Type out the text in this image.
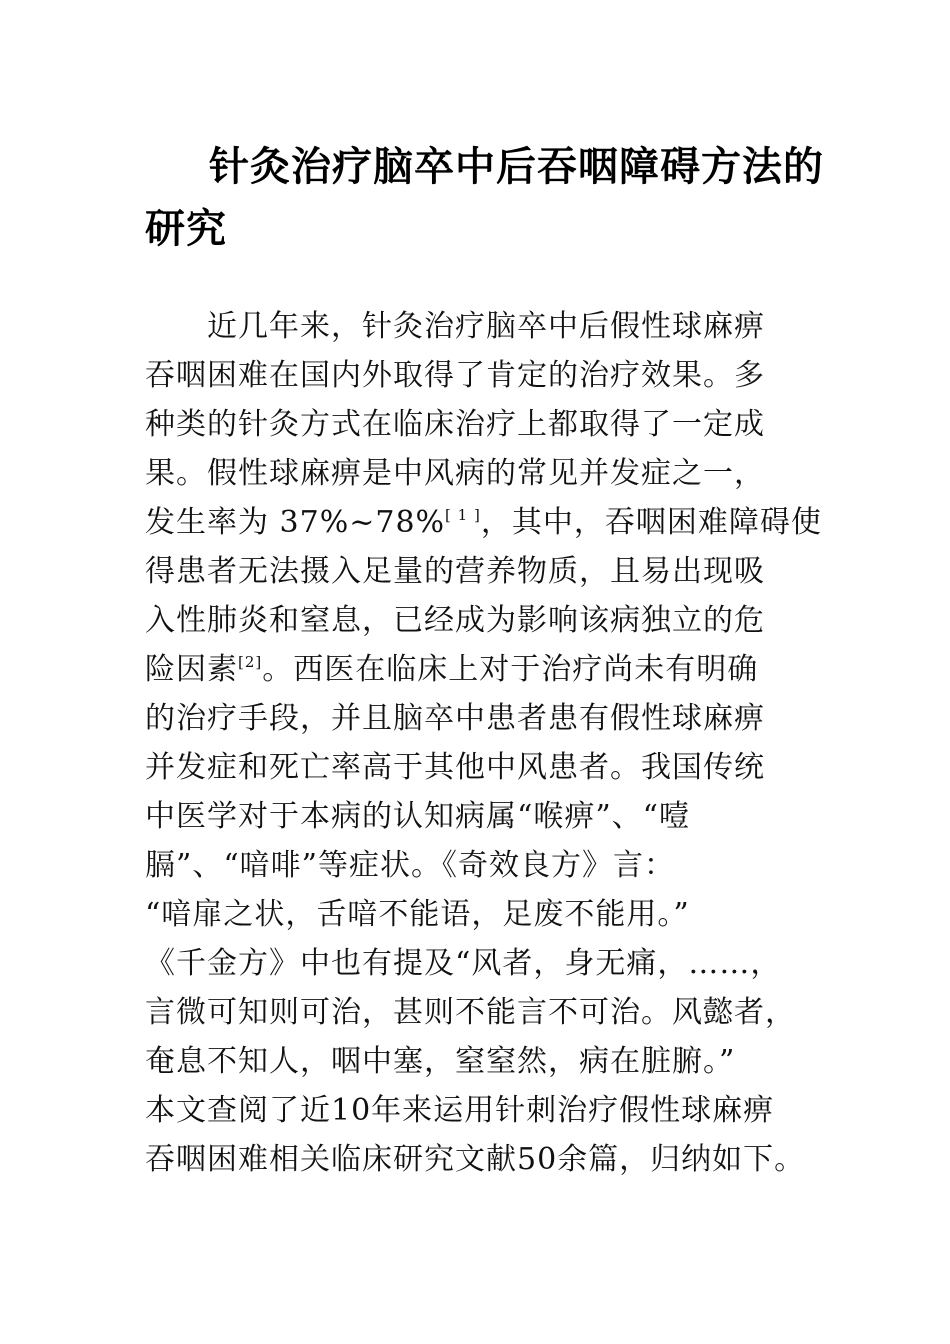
针灸治疗脑卒中后吞咽障碍方法的研究
近几年来，针灸治疗脑卒中后假性球麻痹
吞咽困难在国内外取得了肯定的治疗效果。多
种类的针灸方式在临床治疗上都取得了一定成
果。假性球麻痹是中风病的常见并发症之一，
发生率为 37%~78%[ 1 ]，其中，吞咽困难障碍使
得患者无法摄入足量的营养物质，且易出现吸
入性肺炎和窒息，已经成为影响该病独立的危
险因素[2]。西医在临床上对于治疗尚未有明确
的治疗手段，并且脑卒中患者患有假性球麻痹
并发症和死亡率高于其他中风患者。我国传统
中医学对于本病的认知病属“喉痹”、“噎
膈”、“喑啡”等症状。《奇效良方》言：
“喑扉之状，舌喑不能语，足废不能用。”
《千金方》中也有提及“风者，身无痛，……，
言微可知则可治，甚则不能言不可治。风懿者，
奄息不知人，咽中塞，窒窒然，病在脏腑。”
本文查阅了近10年来运用针刺治疗假性球麻痹
吞咽困难相关临床研究文献50余篇，归纳如下。
